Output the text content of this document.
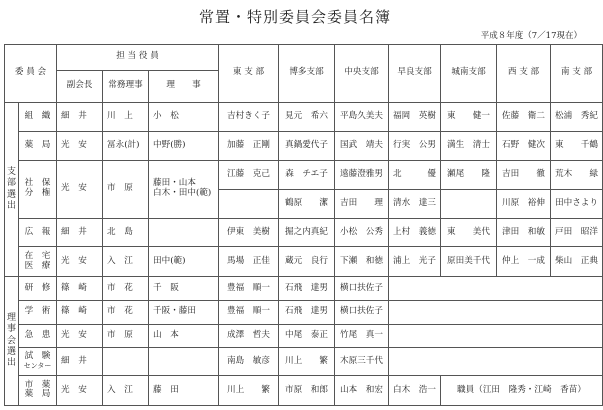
常置・特別委員会委員名簿
平成８年度（7／17現在）
委 員 会		担 当 役 員			東 支 部	博多支部	中央支部	早良支部	城南支部	西 支 部	南 支 部
		副会長	常務理事	理　　事							
支部選出	組　織	細　井	川　上	小　松	吉村きく子	見元　希六	平島久美夫	福岡　英樹	東　　健一	佐藤　衛二	松浦　秀紀
	薬　局	光　安	冨永(計)	中野(勝)	加藤　正剛	真鍋愛代子	国武　靖夫	行実　公男	満生　清士	石野　健次	東　　千鶴
	社　保
分　権	光　安	市　原	藤田・山本
白木・田中(範)	江藤　克己	森　チエ子	遠藤澄雅男	北　　　優	瀬尾　　隆	吉田　　徹	荒木　　緑
						鶴原　　潔	吉田　　理	清水　達三		川原　裕伸	田中さより
	広　報	細　井	北　島		伊東　美樹	掘之内真紀	小松　公秀	上村　義徳	東　　美代	津田　和敏	戸田　昭洋
	在　宅
医　療	光　安	入　江	田中(範)	馬場　正佳	蔵元　良行	下瀬　和徳	浦上　光子	原田美千代	仲上　一成	柴山　正典
理事会選出	研　修	篠　崎	市　花	千　阪	豊福　順一	石飛　達男	横口扶佐子				
	学　術	篠　崎	市　花	千阪・藤田	豊福　順一	石飛　達男	横口扶佐子				
	急　患	光　安	市　原	山　本	成澤　哲夫	中尾　泰正	竹尾　真一				
	試　験
センター	細　井			南島　敏彦	川上　　繁	木原三千代				
	市　薬
薬　局	光　安	入　江	藤　田	川上　　繁	市原　和郎	山本　和宏	白木　浩一	職員（江田　隆秀・江崎　香苗）		
